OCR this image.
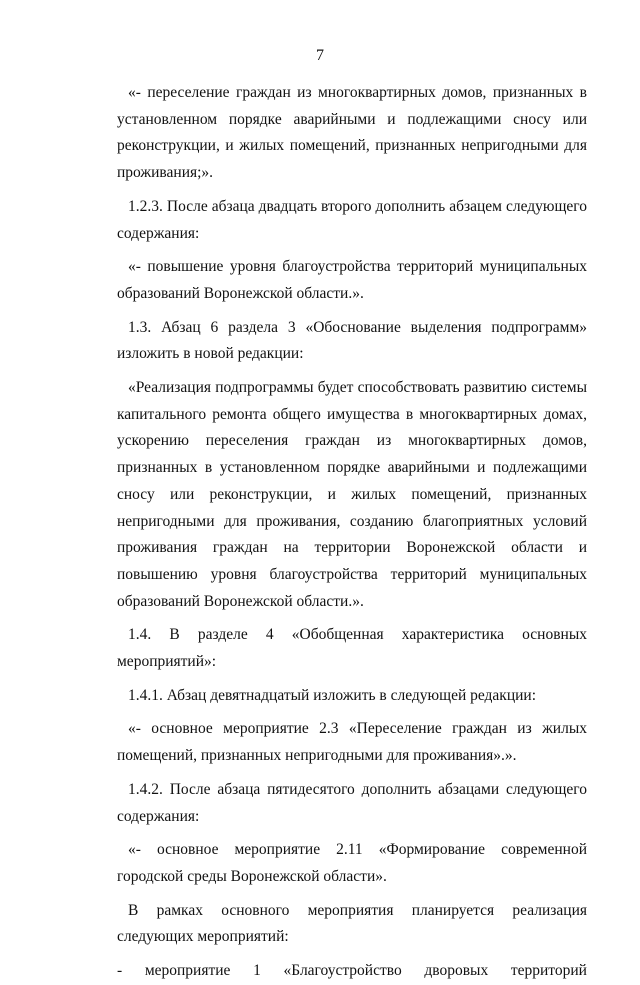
7

«- переселение граждан из многоквартирных домов, признанных в установленном порядке аварийными и подлежащими сносу или реконструкции, и жилых помещений, признанных непригодными для проживания;».

1.2.3. После абзаца двадцать второго дополнить абзацем следующего содержания:

«- повышение уровня благоустройства территорий муниципальных образований Воронежской области.».

1.3. Абзац 6 раздела 3 «Обоснование выделения подпрограмм» изложить в новой редакции:

«Реализация подпрограммы будет способствовать развитию системы капитального ремонта общего имущества в многоквартирных домах, ускорению переселения граждан из многоквартирных домов, признанных в установленном порядке аварийными и подлежащими сносу или реконструкции, и жилых помещений, признанных непригодными для проживания, созданию благоприятных условий проживания граждан на территории Воронежской области и повышению уровня благоустройства территорий муниципальных образований Воронежской области.».

1.4. В разделе 4 «Обобщенная характеристика основных мероприятий»:

1.4.1. Абзац девятнадцатый изложить в следующей редакции:

«- основное мероприятие 2.3 «Переселение граждан из жилых помещений, признанных непригодными для проживания».».

1.4.2. После абзаца пятидесятого дополнить абзацами следующего содержания:

«- основное мероприятие 2.11 «Формирование современной городской среды Воронежской области».

В рамках основного мероприятия планируется реализация следующих мероприятий:

- мероприятие 1 «Благоустройство дворовых территорий
